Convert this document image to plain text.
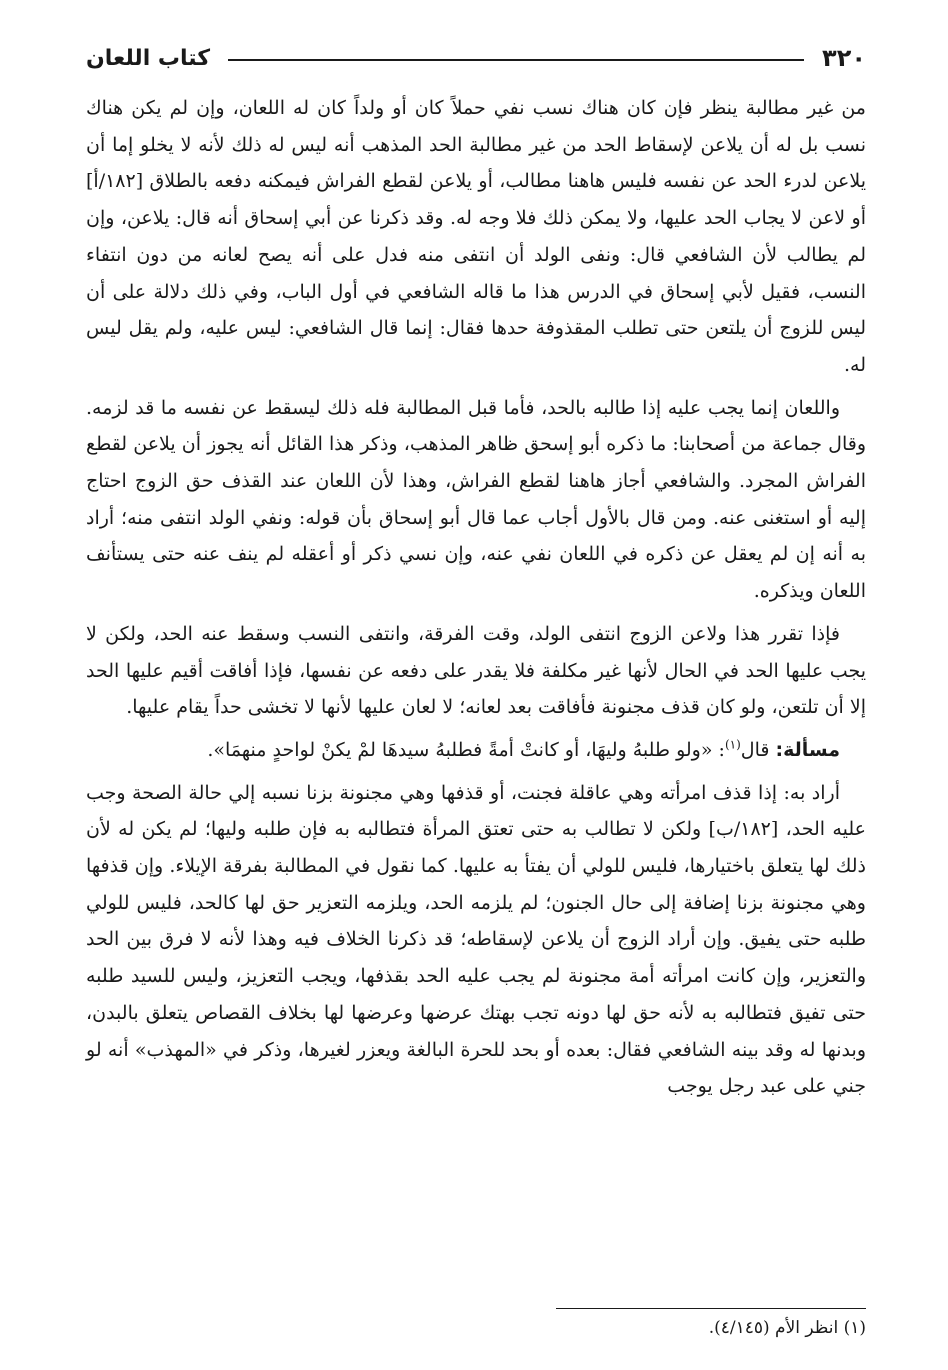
٣٢٠
كتاب اللعان

من غير مطالبة ينظر فإن كان هناك نسب نفي حملاً كان أو ولداً كان له اللعان، وإن لم يكن هناك نسب بل له أن يلاعن لإسقاط الحد من غير مطالبة الحد المذهب أنه ليس له ذلك لأنه لا يخلو إما أن يلاعن لدرء الحد عن نفسه فليس هاهنا مطالب، أو يلاعن لقطع الفراش فيمكنه دفعه بالطلاق [١٨٢/أ] أو لاعن لا يجاب الحد عليها، ولا يمكن ذلك فلا وجه له. وقد ذكرنا عن أبي إسحاق أنه قال: يلاعن، وإن لم يطالب لأن الشافعي قال: ونفى الولد أن انتفى منه فدل على أنه يصح لعانه من دون انتفاء النسب، فقيل لأبي إسحاق في الدرس هذا ما قاله الشافعي في أول الباب، وفي ذلك دلالة على أن ليس للزوج أن يلتعن حتى تطلب المقذوفة حدها فقال: إنما قال الشافعي: ليس عليه، ولم يقل ليس له.

واللعان إنما يجب عليه إذا طالبه بالحد، فأما قبل المطالبة فله ذلك ليسقط عن نفسه ما قد لزمه. وقال جماعة من أصحابنا: ما ذكره أبو إسحق ظاهر المذهب، وذكر هذا القائل أنه يجوز أن يلاعن لقطع الفراش المجرد. والشافعي أجاز هاهنا لقطع الفراش، وهذا لأن اللعان عند القذف حق الزوج احتاج إليه أو استغنى عنه. ومن قال بالأول أجاب عما قال أبو إسحاق بأن قوله: ونفي الولد انتفى منه؛ أراد به أنه إن لم يعقل عن ذكره في اللعان نفي عنه، وإن نسي ذكر أو أعقله لم ينف عنه حتى يستأنف اللعان ويذكره.

فإذا تقرر هذا ولاعن الزوج انتفى الولد، وقت الفرقة، وانتفى النسب وسقط عنه الحد، ولكن لا يجب عليها الحد في الحال لأنها غير مكلفة فلا يقدر على دفعه عن نفسها، فإذا أفاقت أقيم عليها الحد إلا أن تلتعن، ولو كان قذف مجنونة فأفاقت بعد لعانه؛ لا لعان عليها لأنها لا تخشى حداً يقام عليها.

مسألة: قال$^{(١)}$: «ولو طلبهُ وليهَا، أو كانتْ أمةً فطلبهُ سيدهَا لمْ يكنْ لواحدٍ منهمَا».

أراد به: إذا قذف امرأته وهي عاقلة فجنت، أو قذفها وهي مجنونة بزنا نسبه إلي حالة الصحة وجب عليه الحد، [١٨٢/ب] ولكن لا تطالب به حتى تعتق المرأة فتطالبه به فإن طلبه وليها؛ لم يكن له لأن ذلك لها يتعلق باختيارها، فليس للولي أن يفتأ به عليها. كما نقول في المطالبة بفرقة الإيلاء. وإن قذفها وهي مجنونة بزنا إضافة إلى حال الجنون؛ لم يلزمه الحد، ويلزمه التعزير حق لها كالحد، فليس للولي طلبه حتى يفيق. وإن أراد الزوج أن يلاعن لإسقاطه؛ قد ذكرنا الخلاف فيه وهذا لأنه لا فرق بين الحد والتعزير، وإن كانت امرأته أمة مجنونة لم يجب عليه الحد بقذفها، ويجب التعزيز، وليس للسيد طلبه حتى تفيق فتطالبه به لأنه حق لها دونه تجب بهتك عرضها وعرضها لها بخلاف القصاص يتعلق بالبدن، وبدنها له وقد بينه الشافعي فقال: بعده أو بحد للحرة البالغة ويعزر لغيرها، وذكر في «المهذب» أنه لو جني على عبد رجل يوجب

(١) انظر الأم (٤/١٤٥).
